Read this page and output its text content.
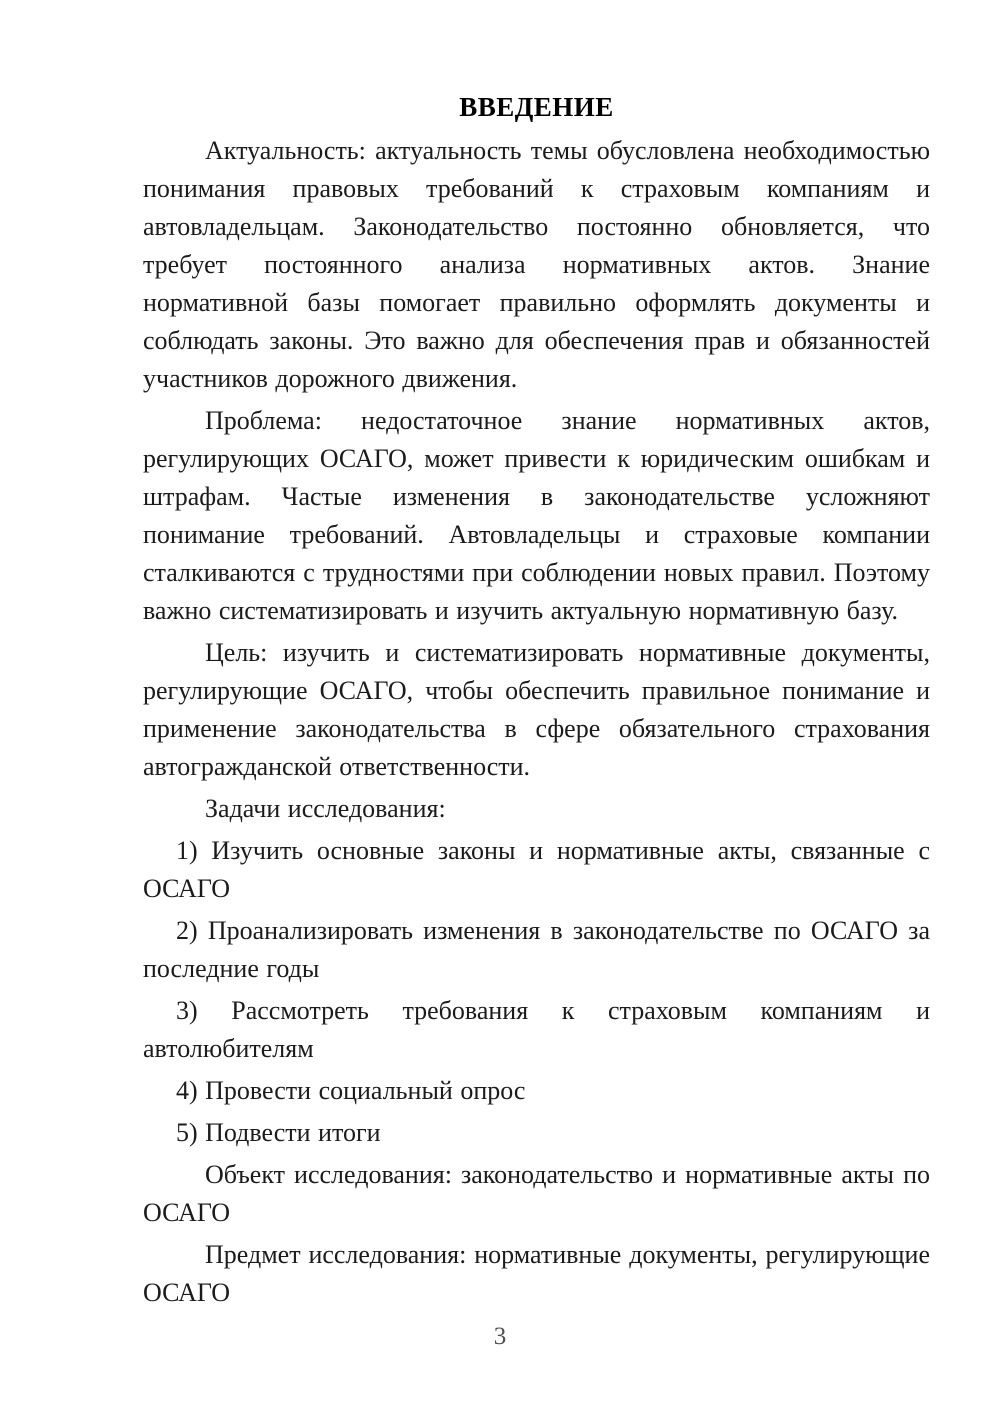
ВВЕДЕНИЕ

Актуальность: актуальность темы обусловлена необходимостью понимания правовых требований к страховым компаниям и автовладельцам. Законодательство постоянно обновляется, что требует постоянного анализа нормативных актов. Знание нормативной базы помогает правильно оформлять документы и соблюдать законы. Это важно для обеспечения прав и обязанностей участников дорожного движения.

Проблема: недостаточное знание нормативных актов, регулирующих ОСАГО, может привести к юридическим ошибкам и штрафам. Частые изменения в законодательстве усложняют понимание требований. Автовладельцы и страховые компании сталкиваются с трудностями при соблюдении новых правил. Поэтому важно систематизировать и изучить актуальную нормативную базу.

Цель: изучить и систематизировать нормативные документы, регулирующие ОСАГО, чтобы обеспечить правильное понимание и применение законодательства в сфере обязательного страхования автогражданской ответственности.

Задачи исследования:

1) Изучить основные законы и нормативные акты, связанные с ОСАГО

2) Проанализировать изменения в законодательстве по ОСАГО за последние годы

3) Рассмотреть требования к страховым компаниям и автолюбителям

4) Провести социальный опрос

5) Подвести итоги

Объект исследования: законодательство и нормативные акты по ОСАГО

Предмет исследования: нормативные документы, регулирующие ОСАГО

3
